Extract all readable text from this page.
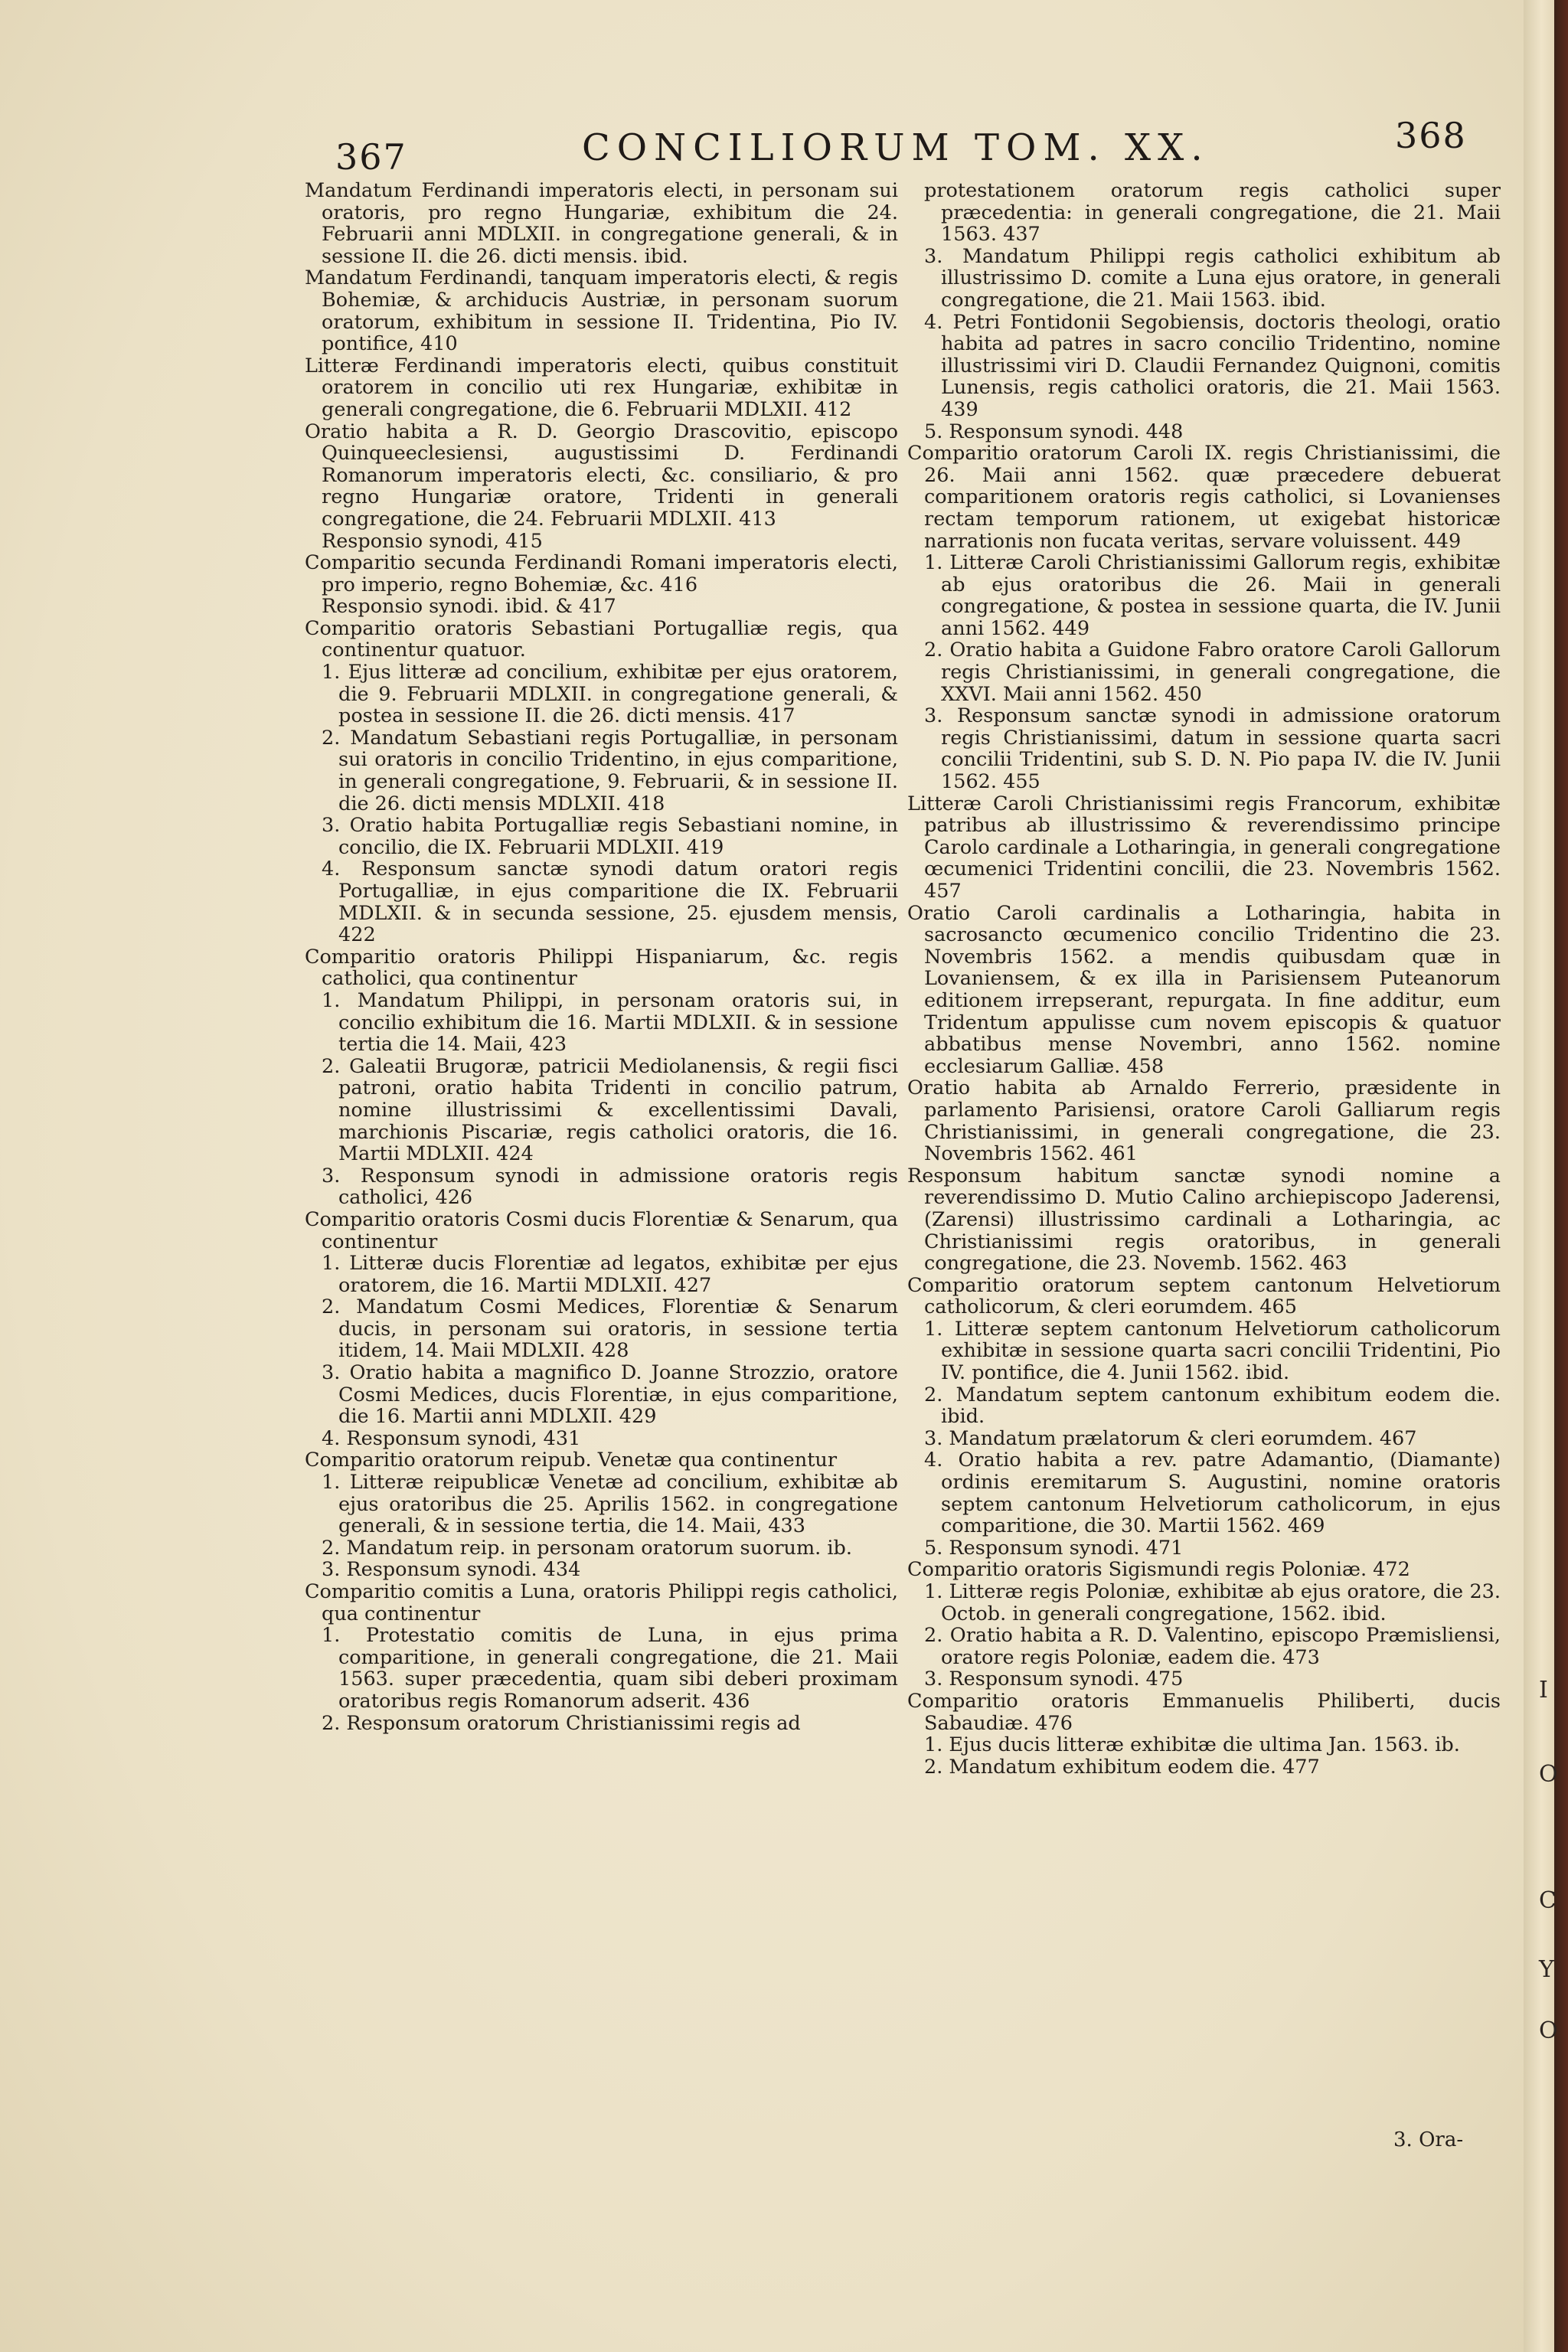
I
O
C
Y
O
367	CONCILIORUM TOM. XX.	368

Mandatum Ferdinandi imperatoris electi, in personam sui oratoris, pro regno Hungariæ, exhibitum die 24. Februarii anni MDLXII. in congregatione generali, & in sessione II. die 26. dicti mensis. ibid.

Mandatum Ferdinandi, tanquam imperatoris electi, & regis Bohemiæ, & archiducis Austriæ, in personam suorum oratorum, exhibitum in sessione II. Tridentina, Pio IV. pontifice, 410

Litteræ Ferdinandi imperatoris electi, quibus constituit oratorem in concilio uti rex Hungariæ, exhibitæ in generali congregatione, die 6. Februarii MDLXII. 412

Oratio habita a R. D. Georgio Drascovitio, episcopo Quinqueeclesiensi, augustissimi D. Ferdinandi Romanorum imperatoris electi, &c. consiliario, & pro regno Hungariæ oratore, Tridenti in generali congregatione, die 24. Februarii MDLXII. 413

Responsio synodi, 415

Comparitio secunda Ferdinandi Romani imperatoris electi, pro imperio, regno Bohemiæ, &c. 416

Responsio synodi. ibid. & 417

Comparitio oratoris Sebastiani Portugalliæ regis, qua continentur quatuor.

1. Ejus litteræ ad concilium, exhibitæ per ejus oratorem, die 9. Februarii MDLXII. in congregatione generali, & postea in sessione II. die 26. dicti mensis. 417

2. Mandatum Sebastiani regis Portugalliæ, in personam sui oratoris in concilio Tridentino, in ejus comparitione, in generali congregatione, 9. Februarii, & in sessione II. die 26. dicti mensis MDLXII. 418

3. Oratio habita Portugalliæ regis Sebastiani nomine, in concilio, die IX. Februarii MDLXII. 419

4. Responsum sanctæ synodi datum oratori regis Portugalliæ, in ejus comparitione die IX. Februarii MDLXII. & in secunda sessione, 25. ejusdem mensis, 422

Comparitio oratoris Philippi Hispaniarum, &c. regis catholici, qua continentur

1. Mandatum Philippi, in personam oratoris sui, in concilio exhibitum die 16. Martii MDLXII. & in sessione tertia die 14. Maii, 423

2. Galeatii Brugoræ, patricii Mediolanensis, & regii fisci patroni, oratio habita Tridenti in concilio patrum, nomine illustrissimi & excellentissimi Davali, marchionis Piscariæ, regis catholici oratoris, die 16. Martii MDLXII. 424

3. Responsum synodi in admissione oratoris regis catholici, 426

Comparitio oratoris Cosmi ducis Florentiæ & Senarum, qua continentur

1. Litteræ ducis Florentiæ ad legatos, exhibitæ per ejus oratorem, die 16. Martii MDLXII. 427

2. Mandatum Cosmi Medices, Florentiæ & Senarum ducis, in personam sui oratoris, in sessione tertia itidem, 14. Maii MDLXII. 428

3. Oratio habita a magnifico D. Joanne Strozzio, oratore Cosmi Medices, ducis Florentiæ, in ejus comparitione, die 16. Martii anni MDLXII. 429

4. Responsum synodi, 431

Comparitio oratorum reipub. Venetæ qua continentur

1. Litteræ reipublicæ Venetæ ad concilium, exhibitæ ab ejus oratoribus die 25. Aprilis 1562. in congregatione generali, & in sessione tertia, die 14. Maii, 433

2. Mandatum reip. in personam oratorum suorum. ib.

3. Responsum synodi. 434

Comparitio comitis a Luna, oratoris Philippi regis catholici, qua continentur

1. Protestatio comitis de Luna, in ejus prima comparitione, in generali congregatione, die 21. Maii 1563. super præcedentia, quam sibi deberi proximam oratoribus regis Romanorum adserit. 436

2. Responsum oratorum Christianissimi regis ad

protestationem oratorum regis catholici super præcedentia: in generali congregatione, die 21. Maii 1563. 437

3. Mandatum Philippi regis catholici exhibitum ab illustrissimo D. comite a Luna ejus oratore, in generali congregatione, die 21. Maii 1563. ibid.

4. Petri Fontidonii Segobiensis, doctoris theologi, oratio habita ad patres in sacro concilio Tridentino, nomine illustrissimi viri D. Claudii Fernandez Quignoni, comitis Lunensis, regis catholici oratoris, die 21. Maii 1563. 439

5. Responsum synodi. 448

Comparitio oratorum Caroli IX. regis Christianissimi, die 26. Maii anni 1562. quæ præcedere debuerat comparitionem oratoris regis catholici, si Lovanienses rectam temporum rationem, ut exigebat historicæ narrationis non fucata veritas, servare voluissent. 449

1. Litteræ Caroli Christianissimi Gallorum regis, exhibitæ ab ejus oratoribus die 26. Maii in generali congregatione, & postea in sessione quarta, die IV. Junii anni 1562. 449

2. Oratio habita a Guidone Fabro oratore Caroli Gallorum regis Christianissimi, in generali congregatione, die XXVI. Maii anni 1562. 450

3. Responsum sanctæ synodi in admissione oratorum regis Christianissimi, datum in sessione quarta sacri concilii Tridentini, sub S. D. N. Pio papa IV. die IV. Junii 1562. 455

Litteræ Caroli Christianissimi regis Francorum, exhibitæ patribus ab illustrissimo & reverendissimo principe Carolo cardinale a Lotharingia, in generali congregatione œcumenici Tridentini concilii, die 23. Novembris 1562. 457

Oratio Caroli cardinalis a Lotharingia, habita in sacrosancto œcumenico concilio Tridentino die 23. Novembris 1562. a mendis quibusdam quæ in Lovaniensem, & ex illa in Parisiensem Puteanorum editionem irrepserant, repurgata. In fine additur, eum Tridentum appulisse cum novem episcopis & quatuor abbatibus mense Novembri, anno 1562. nomine ecclesiarum Galliæ. 458

Oratio habita ab Arnaldo Ferrerio, præsidente in parlamento Parisiensi, oratore Caroli Galliarum regis Christianissimi, in generali congregatione, die 23. Novembris 1562. 461

Responsum habitum sanctæ synodi nomine a reverendissimo D. Mutio Calino archiepiscopo Jaderensi, (Zarensi) illustrissimo cardinali a Lotharingia, ac Christianissimi regis oratoribus, in generali congregatione, die 23. Novemb. 1562. 463

Comparitio oratorum septem cantonum Helvetiorum catholicorum, & cleri eorumdem. 465

1. Litteræ septem cantonum Helvetiorum catholicorum exhibitæ in sessione quarta sacri concilii Tridentini, Pio IV. pontifice, die 4. Junii 1562. ibid.

2. Mandatum septem cantonum exhibitum eodem die. ibid.

3. Mandatum prælatorum & cleri eorumdem. 467

4. Oratio habita a rev. patre Adamantio, (Diamante) ordinis eremitarum S. Augustini, nomine oratoris septem cantonum Helvetiorum catholicorum, in ejus comparitione, die 30. Martii 1562. 469

5. Responsum synodi. 471

Comparitio oratoris Sigismundi regis Poloniæ. 472

1. Litteræ regis Poloniæ, exhibitæ ab ejus oratore, die 23. Octob. in generali congregatione, 1562. ibid.

2. Oratio habita a R. D. Valentino, episcopo Præmisliensi, oratore regis Poloniæ, eadem die. 473

3. Responsum synodi. 475

Comparitio oratoris Emmanuelis Philiberti, ducis Sabaudiæ. 476

1. Ejus ducis litteræ exhibitæ die ultima Jan. 1563. ib.

2. Mandatum exhibitum eodem die. 477

3. Ora-
